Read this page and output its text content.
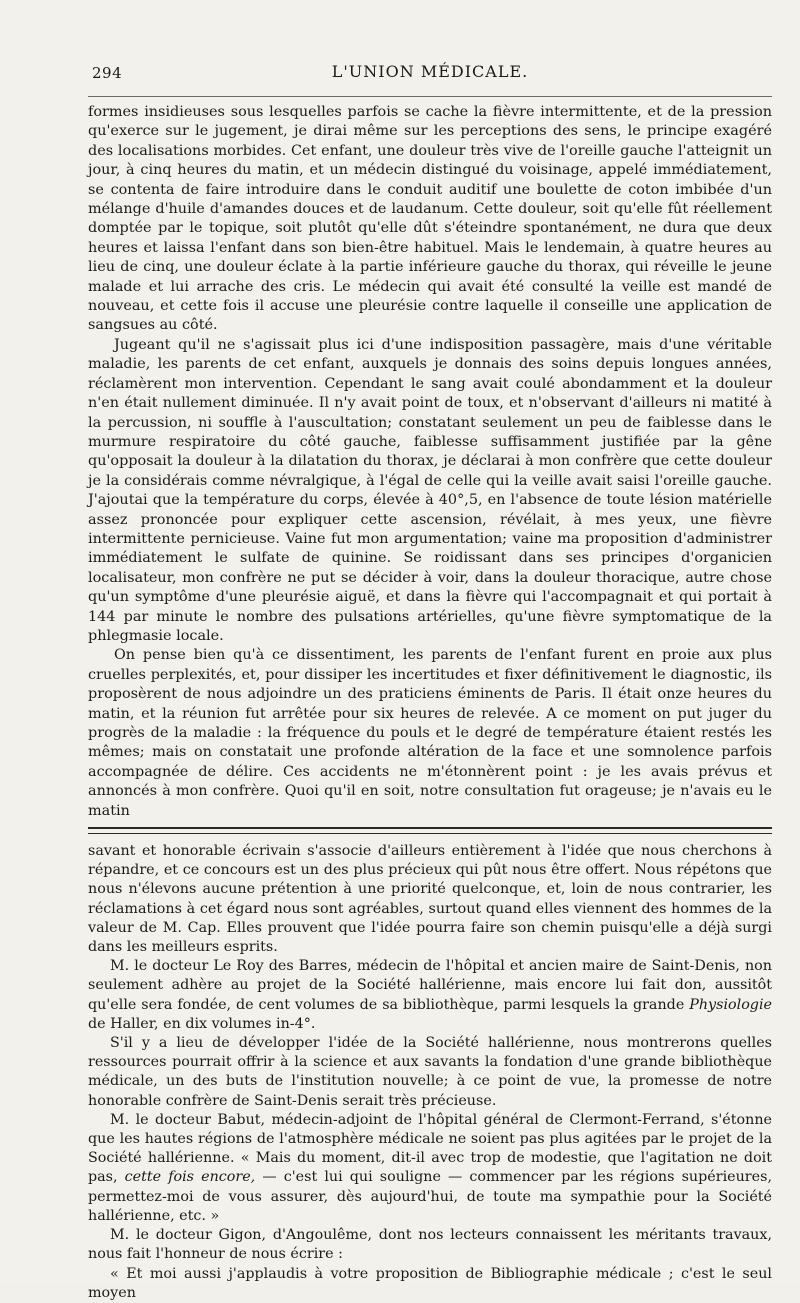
294	L'UNION MÉDICALE.

formes insidieuses sous lesquelles parfois se cache la fièvre intermittente, et de la pression qu'exerce sur le jugement, je dirai même sur les perceptions des sens, le principe exagéré des localisations morbides. Cet enfant, une douleur très vive de l'oreille gauche l'atteignit un jour, à cinq heures du matin, et un médecin distingué du voisinage, appelé immédiatement, se contenta de faire introduire dans le conduit auditif une boulette de coton imbibée d'un mélange d'huile d'amandes douces et de laudanum. Cette douleur, soit qu'elle fût réellement domptée par le topique, soit plutôt qu'elle dût s'éteindre spontanément, ne dura que deux heures et laissa l'enfant dans son bien-être habituel. Mais le lendemain, à quatre heures au lieu de cinq, une douleur éclate à la partie inférieure gauche du thorax, qui réveille le jeune malade et lui arrache des cris. Le médecin qui avait été consulté la veille est mandé de nouveau, et cette fois il accuse une pleurésie contre laquelle il conseille une application de sangsues au côté.

Jugeant qu'il ne s'agissait plus ici d'une indisposition passagère, mais d'une véritable maladie, les parents de cet enfant, auxquels je donnais des soins depuis longues années, réclamèrent mon intervention. Cependant le sang avait coulé abondamment et la douleur n'en était nullement diminuée. Il n'y avait point de toux, et n'observant d'ailleurs ni matité à la percussion, ni souffle à l'auscultation; constatant seulement un peu de faiblesse dans le murmure respiratoire du côté gauche, faiblesse suffisamment justifiée par la gêne qu'opposait la douleur à la dilatation du thorax, je déclarai à mon confrère que cette douleur je la considérais comme névralgique, à l'égal de celle qui la veille avait saisi l'oreille gauche. J'ajoutai que la température du corps, élevée à 40°,5, en l'absence de toute lésion matérielle assez prononcée pour expliquer cette ascension, révélait, à mes yeux, une fièvre intermittente pernicieuse. Vaine fut mon argumentation; vaine ma proposition d'administrer immédiatement le sulfate de quinine. Se roidissant dans ses principes d'organicien localisateur, mon confrère ne put se décider à voir, dans la douleur thoracique, autre chose qu'un symptôme d'une pleurésie aiguë, et dans la fièvre qui l'accompagnait et qui portait à 144 par minute le nombre des pulsations artérielles, qu'une fièvre symptomatique de la phlegmasie locale.

On pense bien qu'à ce dissentiment, les parents de l'enfant furent en proie aux plus cruelles perplexités, et, pour dissiper les incertitudes et fixer définitivement le diagnostic, ils proposèrent de nous adjoindre un des praticiens éminents de Paris. Il était onze heures du matin, et la réunion fut arrêtée pour six heures de relevée. A ce moment on put juger du progrès de la maladie : la fréquence du pouls et le degré de température étaient restés les mêmes; mais on constatait une profonde altération de la face et une somnolence parfois accompagnée de délire. Ces accidents ne m'étonnèrent point : je les avais prévus et annoncés à mon confrère. Quoi qu'il en soit, notre consultation fut orageuse; je n'avais eu le matin

savant et honorable écrivain s'associe d'ailleurs entièrement à l'idée que nous cherchons à répandre, et ce concours est un des plus précieux qui pût nous être offert. Nous répétons que nous n'élevons aucune prétention à une priorité quelconque, et, loin de nous contrarier, les réclamations à cet égard nous sont agréables, surtout quand elles viennent des hommes de la valeur de M. Cap. Elles prouvent que l'idée pourra faire son chemin puisqu'elle a déjà surgi dans les meilleurs esprits.

M. le docteur Le Roy des Barres, médecin de l'hôpital et ancien maire de Saint-Denis, non seulement adhère au projet de la Société hallérienne, mais encore lui fait don, aussitôt qu'elle sera fondée, de cent volumes de sa bibliothèque, parmi lesquels la grande Physiologie de Haller, en dix volumes in-4°.

S'il y a lieu de développer l'idée de la Société hallérienne, nous montrerons quelles ressources pourrait offrir à la science et aux savants la fondation d'une grande bibliothèque médicale, un des buts de l'institution nouvelle; à ce point de vue, la promesse de notre honorable confrère de Saint-Denis serait très précieuse.

M. le docteur Babut, médecin-adjoint de l'hôpital général de Clermont-Ferrand, s'étonne que les hautes régions de l'atmosphère médicale ne soient pas plus agitées par le projet de la Société hallérienne. « Mais du moment, dit-il avec trop de modestie, que l'agitation ne doit pas, cette fois encore, — c'est lui qui souligne — commencer par les régions supérieures, permettez-moi de vous assurer, dès aujourd'hui, de toute ma sympathie pour la Société hallérienne, etc. »

M. le docteur Gigon, d'Angoulême, dont nos lecteurs connaissent les méritants travaux, nous fait l'honneur de nous écrire :

« Et moi aussi j'applaudis à votre proposition de Bibliographie médicale ; c'est le seul moyen
